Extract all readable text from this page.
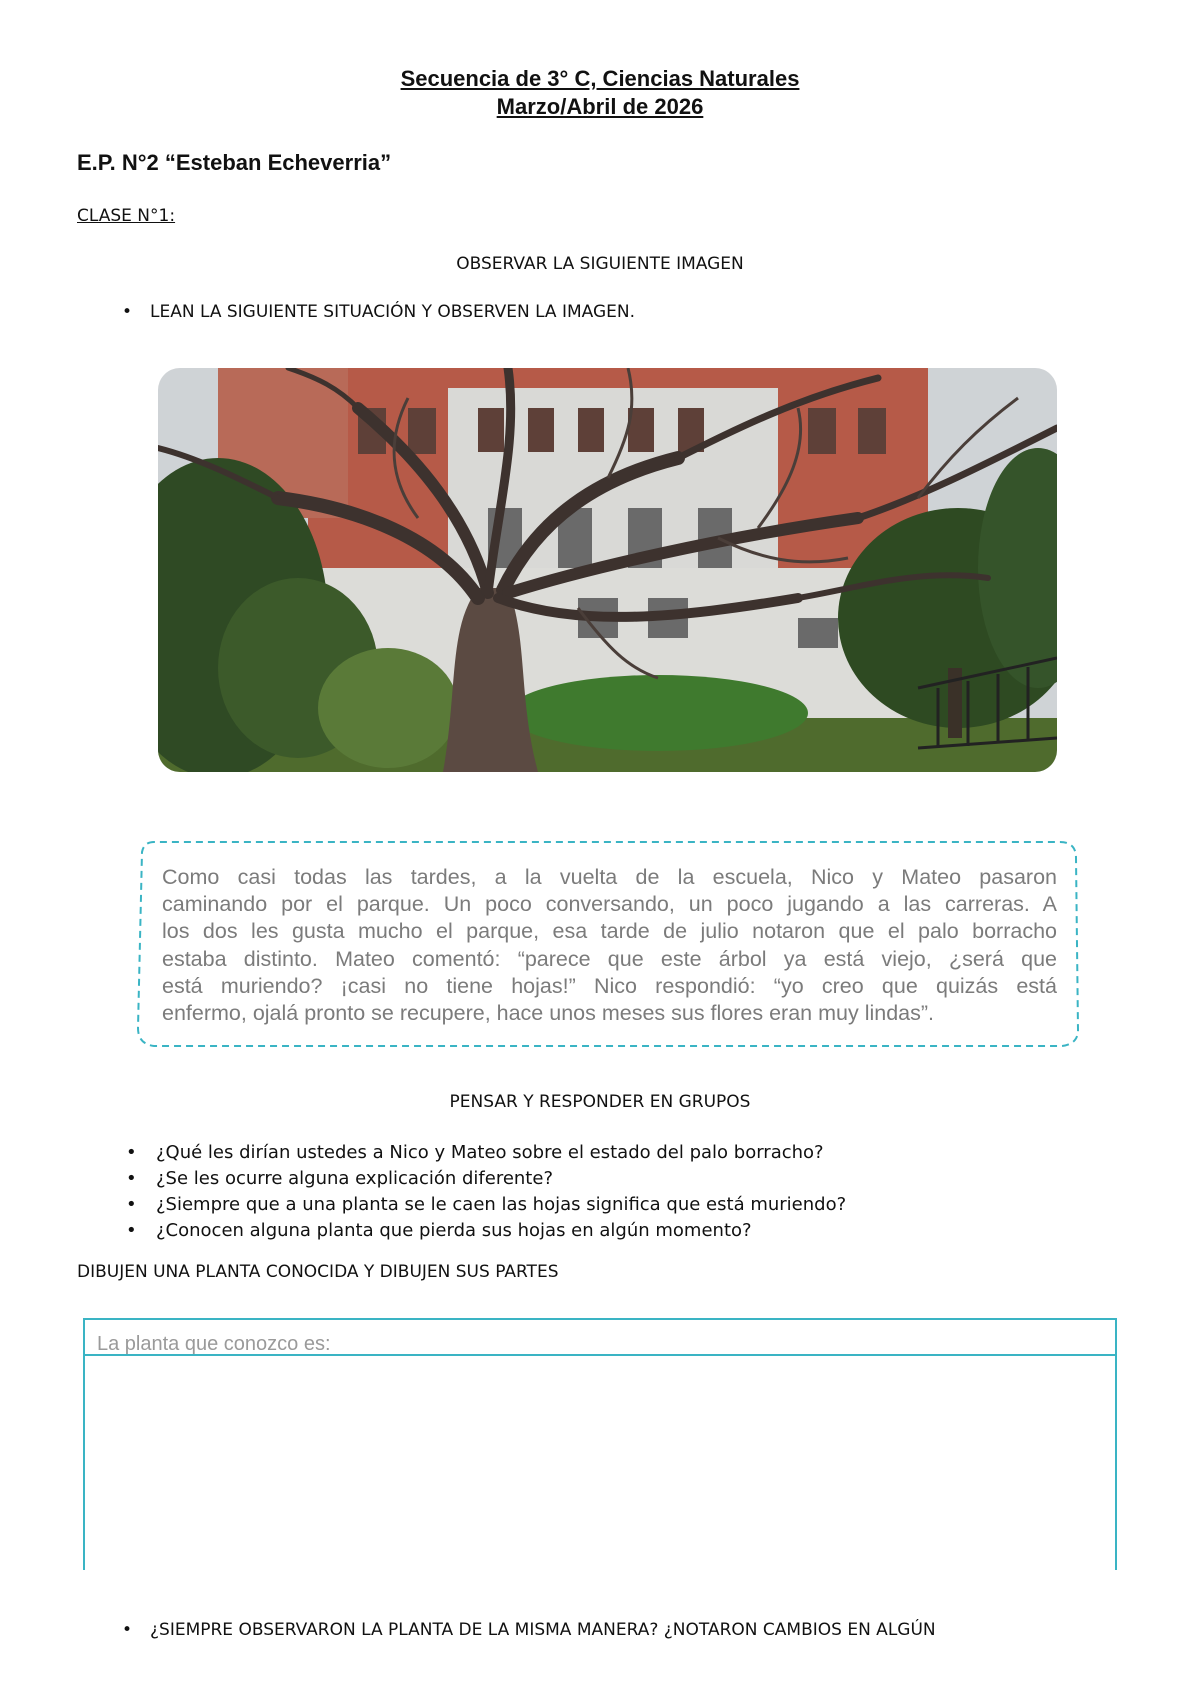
Secuencia de 3° C, Ciencias Naturales
Marzo/Abril de 2026
E.P. N°2 “Esteban Echeverria”
CLASE N°1:
OBSERVAR LA SIGUIENTE IMAGEN
• LEAN LA SIGUIENTE SITUACIÓN Y OBSERVEN LA IMAGEN.
Como casi todas las tardes, a la vuelta de la escuela, Nico y Mateo pasaron
caminando por el parque. Un poco conversando, un poco jugando a las carreras. A
los dos les gusta mucho el parque, esa tarde de julio notaron que el palo borracho
estaba distinto. Mateo comentó: “parece que este árbol ya está viejo, ¿será que
está muriendo? ¡casi no tiene hojas!” Nico respondió: “yo creo que quizás está
enfermo, ojalá pronto se recupere, hace unos meses sus flores eran muy lindas”.
PENSAR Y RESPONDER EN GRUPOS
• ¿Qué les dirían ustedes a Nico y Mateo sobre el estado del palo borracho?
• ¿Se les ocurre alguna explicación diferente?
• ¿Siempre que a una planta se le caen las hojas significa que está muriendo?
• ¿Conocen alguna planta que pierda sus hojas en algún momento?
DIBUJEN UNA PLANTA CONOCIDA Y DIBUJEN SUS PARTES
La planta que conozco es:
• ¿SIEMPRE OBSERVARON LA PLANTA DE LA MISMA MANERA? ¿NOTARON CAMBIOS EN ALGÚN
